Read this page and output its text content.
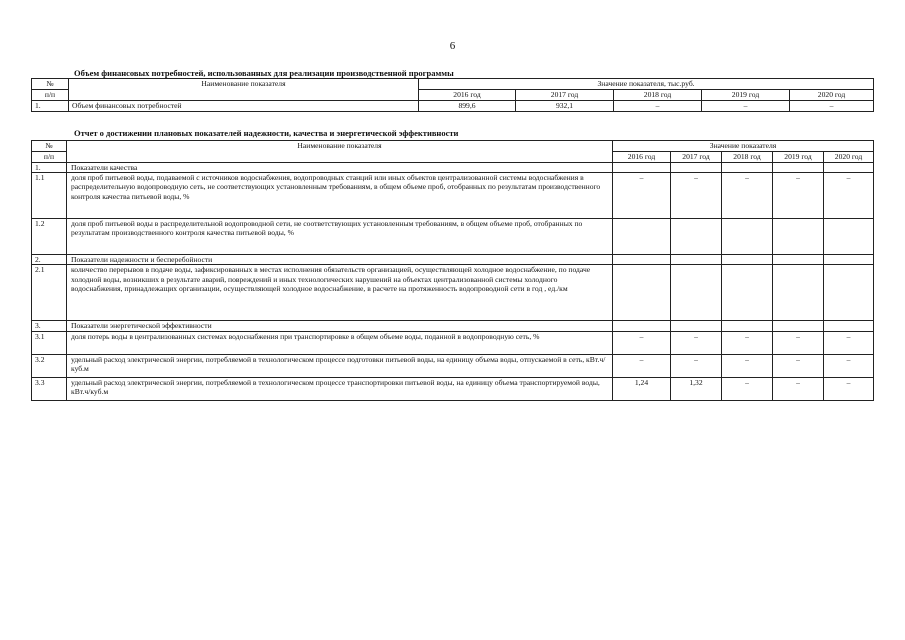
6
Объем финансовых потребностей, использованных для реализации производственной программы
№	Наименование показателя	Значение показателя, тыс.руб.				
п/п		2016 год	2017 год	2018 год	2019 год	2020 год
1.	Объем финансовых потребностей	899,6	932,1	–	–	–
Отчет о достижении плановых показателей надежности, качества и энергетической эффективности
№	Наименование показателя	Значение показателя				
п/п		2016 год	2017 год	2018 год	2019 год	2020 год
1.	Показатели качества					
1.1	доля проб питьевой воды, подаваемой с источников водоснабжения, водопроводных станций или иных объектов централизованной системы водоснабжения в распределительную водопроводную сеть, не соответствующих установленным требованиям, в общем объеме проб, отобранных по результатам производственного контроля качества питьевой воды, %	–	–	–	–	–
1.2	доля проб питьевой воды в распределительной водопроводной сети, не соответствующих установленным требованиям, в общем объеме проб, отобранных по результатам производственного контроля качества питьевой воды, %					
2.	Показатели надежности и бесперебойности					
2.1	количество перерывов в подаче воды, зафиксированных в местах исполнения обязательств организацией, осуществляющей холодное водоснабжение, по подаче холодной воды, возникших в результате аварий, повреждений и иных технологических нарушений на объектах централизованной системы холодного водоснабжения, принадлежащих организации, осуществляющей холодное водоснабжение, в расчете на протяженность водопроводной сети в год , ед./км					
3.	Показатели энергетической эффективности					
3.1	доля потерь воды в централизованных системах водоснабжения при транспортировке в общем объеме воды, поданной в водопроводную сеть, %	–	–	–	–	–
3.2	удельный расход электрической энергии, потребляемой в технологическом процессе подготовки питьевой воды, на единицу объема воды, отпускаемой в сеть, кВт.ч/куб.м	–	–	–	–	–
3.3	удельный расход электрической энергии, потребляемой в технологическом процессе транспортировки питьевой воды, на единицу объема транспортируемой воды, кВт.ч/куб.м	1,24	1,32	–	–	–
